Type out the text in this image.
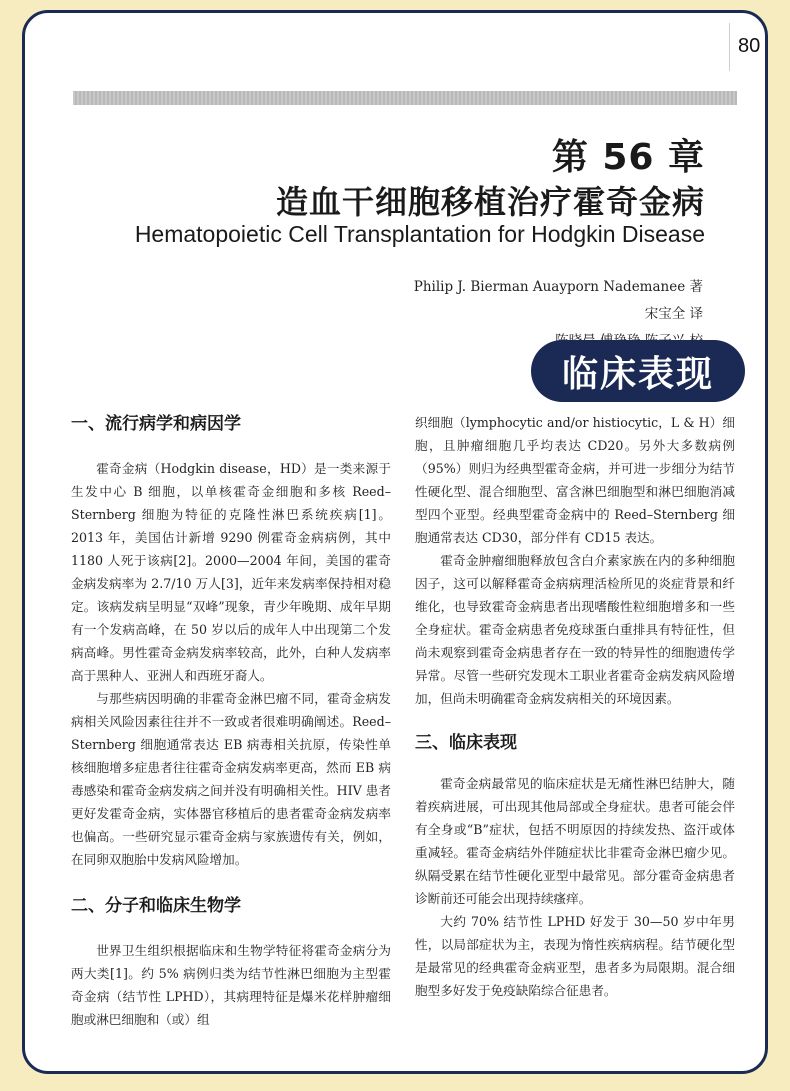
80
第 56 章
造血干细胞移植治疗霍奇金病
Hematopoietic Cell Transplantation for Hodgkin Disease
Philip J. Bierman Auayporn Nademanee 著
宋宝全 译
临床表现
一、流行病学和病因学

霍奇金病（Hodgkin disease，HD）是一类来源于生发中心 B 细胞，以单核霍奇金细胞和多核 Reed–Sternberg 细胞为特征的克隆性淋巴系统疾病[1]。2013 年，美国估计新增 9290 例霍奇金病病例，其中 1180 人死于该病[2]。2000—2004 年间，美国的霍奇金病发病率为 2.7/10 万人[3]，近年来发病率保持相对稳定。该病发病呈明显“双峰”现象，青少年晚期、成年早期有一个发病高峰，在 50 岁以后的成年人中出现第二个发病高峰。男性霍奇金病发病率较高，此外，白种人发病率高于黑种人、亚洲人和西班牙裔人。

与那些病因明确的非霍奇金淋巴瘤不同，霍奇金病发病相关风险因素往往并不一致或者很难明确阐述。Reed–Sternberg 细胞通常表达 EB 病毒相关抗原，传染性单核细胞增多症患者往往霍奇金病发病率更高，然而 EB 病毒感染和霍奇金病发病之间并没有明确相关性。HIV 患者更好发霍奇金病，实体器官移植后的患者霍奇金病发病率也偏高。一些研究显示霍奇金病与家族遗传有关，例如，在同卵双胞胎中发病风险增加。

二、分子和临床生物学

世界卫生组织根据临床和生物学特征将霍奇金病分为两大类[1]。约 5% 病例归类为结节性淋巴细胞为主型霍奇金病（结节性 LPHD），其病理特征是爆米花样肿瘤细胞或淋巴细胞和（或）组

织细胞（lymphocytic and/or histiocytic，L & H）细胞，且肿瘤细胞几乎均表达 CD20。另外大多数病例（95%）则归为经典型霍奇金病，并可进一步细分为结节性硬化型、混合细胞型、富含淋巴细胞型和淋巴细胞消减型四个亚型。经典型霍奇金病中的 Reed–Sternberg 细胞通常表达 CD30，部分伴有 CD15 表达。

霍奇金肿瘤细胞释放包含白介素家族在内的多种细胞因子，这可以解释霍奇金病病理活检所见的炎症背景和纤维化，也导致霍奇金病患者出现嗜酸性粒细胞增多和一些全身症状。霍奇金病患者免疫球蛋白重排具有特征性，但尚未观察到霍奇金病患者存在一致的特异性的细胞遗传学异常。尽管一些研究发现木工职业者霍奇金病发病风险增加，但尚未明确霍奇金病发病相关的环境因素。

三、临床表现

霍奇金病最常见的临床症状是无痛性淋巴结肿大，随着疾病进展，可出现其他局部或全身症状。患者可能会伴有全身或“B”症状，包括不明原因的持续发热、盗汗或体重减轻。霍奇金病结外伴随症状比非霍奇金淋巴瘤少见。纵隔受累在结节性硬化亚型中最常见。部分霍奇金病患者诊断前还可能会出现持续瘙痒。

大约 70% 结节性 LPHD 好发于 30—50 岁中年男性，以局部症状为主，表现为惰性疾病病程。结节硬化型是最常见的经典霍奇金病亚型，患者多为局限期。混合细胞型多好发于免疫缺陷综合征患者。
